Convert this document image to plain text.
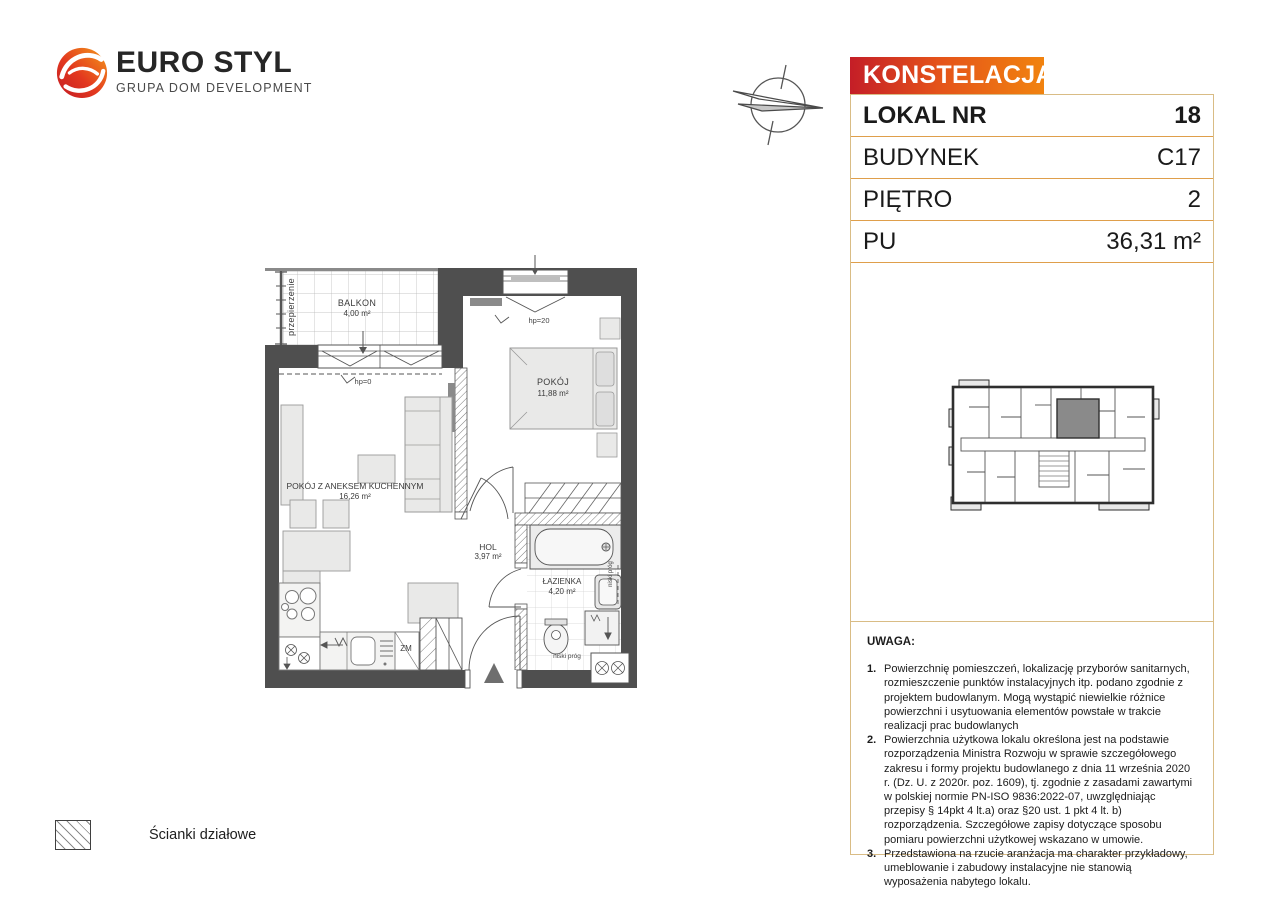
EURO STYL
GRUPA DOM DEVELOPMENT	KONSTELACJA
LOKAL NR	18
BUDYNEK	C17
PIĘTRO	2
PU	36,31 m²
UWAGA:
1. Powierzchnię pomieszczeń, lokalizację przyborów sanitarnych, rozmieszczenie punktów instalacyjnych itp. podano zgodnie z projektem budowlanym. Mogą wystąpić niewielkie różnice powierzchni i usytuowania elementów powstałe w trakcie realizacji prac budowlanych
2. Powierzchnia użytkowa lokalu określona jest na podstawie rozporządzenia Ministra Rozwoju w sprawie szczegółowego zakresu i formy projektu budowlanego z dnia 11 września 2020 r. (Dz. U. z 2020r. poz. 1609), tj. zgodnie z zasadami zawartymi w polskiej normie PN-ISO 9836:2022-07, uwzględniając przepisy § 14pkt 4 lt.a) oraz §20 ust. 1 pkt 4 lt. b) rozporządzenia. Szczegółowe zapisy dotyczące sposobu pomiaru powierzchni użytkowej wskazano w umowie.
3. Przedstawiona na rzucie aranżacja ma charakter przykładowy, umeblowanie i zabudowy instalacyjne nie stanowią wyposażenia nabytego lokalu.
BALKON
4,00 m²
przepierzenie
POKÓJ
11,88 m²
POKÓJ Z ANEKSEM KUCHENNYM
16,26 m²
HOL
3,97 m²
ŁAZIENKA
4,20 m²
hp=0
hp=20
ZM
niski próg
niski próg
Ścianki działowe
